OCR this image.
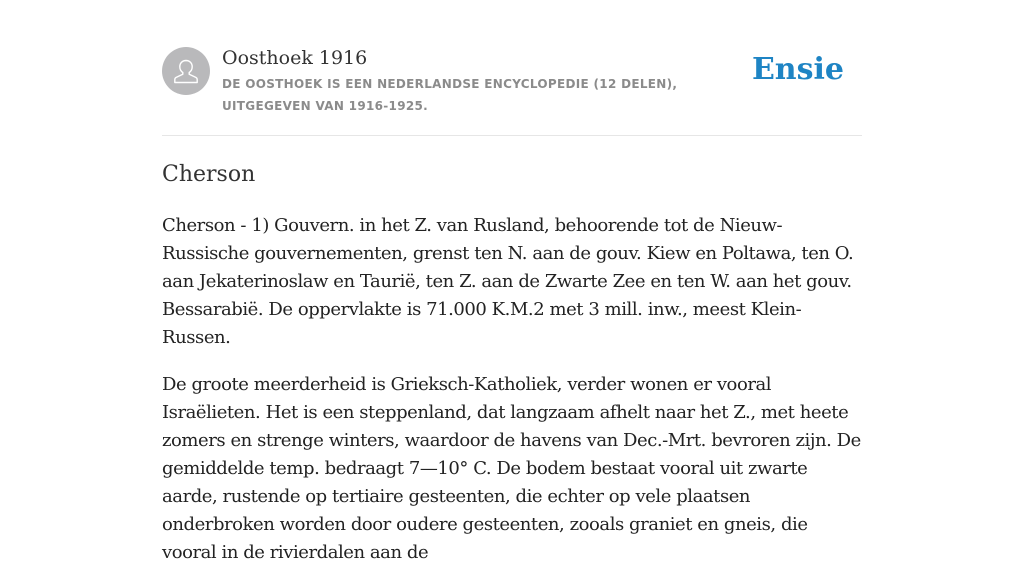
Oosthoek 1916
DE OOSTHOEK IS EEN NEDERLANDSE ENCYCLOPEDIE (12 DELEN), UITGEGEVEN VAN 1916-1925.
Ensie
Cherson

Cherson - 1) Gouvern. in het Z. van Rusland, behoorende tot de Nieuw-Russische gouvernementen, grenst ten N. aan de gouv. Kiew en Poltawa, ten O. aan Jekaterinoslaw en Taurië, ten Z. aan de Zwarte Zee en ten W. aan het gouv. Bessarabië. De oppervlakte is 71.000 K.M.2 met 3 mill. inw., meest Klein-Russen.

De groote meerderheid is Grieksch-Katholiek, verder wonen er vooral Israëlieten. Het is een steppenland, dat langzaam afhelt naar het Z., met heete zomers en strenge winters, waardoor de havens van Dec.-Mrt. bevroren zijn. De gemiddelde temp. bedraagt 7—10° C. De bodem bestaat vooral uit zwarte aarde, rustende op tertiaire gesteenten, die echter op vele plaatsen onderbroken worden door oudere gesteenten, zooals graniet en gneis, die vooral in de rivierdalen aan de
